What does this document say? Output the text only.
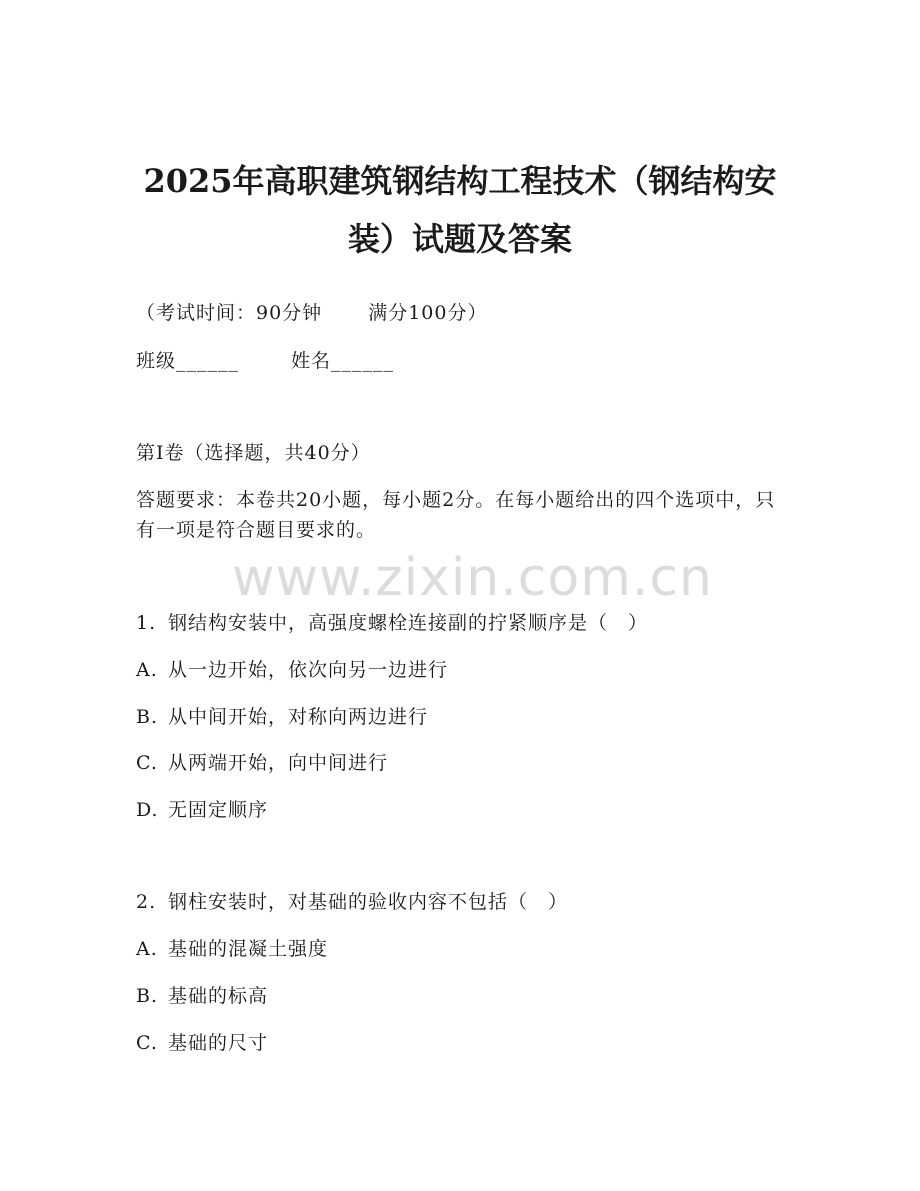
2025年高职建筑钢结构工程技术（钢结构安
装）试题及答案
（考试时间：90分钟 满分100分）
班级______	姓名______
第I卷（选择题，共40分）
答题要求：本卷共20小题，每小题2分。在每小题给出的四个选项中，只有一项是符合题目要求的。
www.zixin.com.cn
1. 钢结构安装中，高强度螺栓连接副的拧紧顺序是（　）
A. 从一边开始，依次向另一边进行
B. 从中间开始，对称向两边进行
C. 从两端开始，向中间进行
D. 无固定顺序
2. 钢柱安装时，对基础的验收内容不包括（　）
A. 基础的混凝土强度
B. 基础的标高
C. 基础的尺寸
